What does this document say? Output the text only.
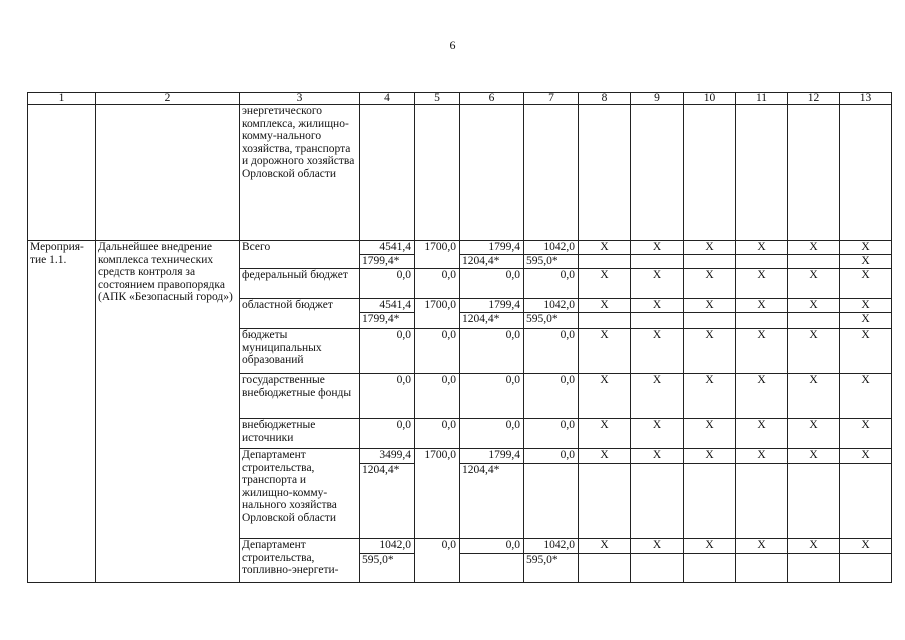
6
1	2	3	4	5	6	7	8	9	10	11	12	13
		энергетического комплекса, жилищно-комму-нального хозяйства, транспорта и дорожного хозяйства Орловской области										
Мероприя-тие 1.1.	Дальнейшее внедрение комплекса технических средств контроля за состоянием правопорядка (АПК «Безопасный город»)	Всего	4541,4	1700,0	1799,4	1042,0	X	X	X	X	X	X
			1799,4*		1204,4*	595,0*						X
		федеральный бюджет	0,0	0,0	0,0	0,0	X	X	X	X	X	X
		областной бюджет	4541,4	1700,0	1799,4	1042,0	X	X	X	X	X	X
			1799,4*		1204,4*	595,0*						X
		бюджеты муниципальных образований	0,0	0,0	0,0	0,0	X	X	X	X	X	X
		государственные внебюджетные фонды	0,0	0,0	0,0	0,0	X	X	X	X	X	X
		внебюджетные источники	0,0	0,0	0,0	0,0	X	X	X	X	X	X
		Департамент строительства, транспорта и жилищно-комму-нального хозяйства Орловской области	3499,4	1700,0	1799,4	0,0	X	X	X	X	X	X
			1204,4*		1204,4*							
		Департамент строительства, топливно-энергети-	1042,0	0,0	0,0	1042,0	X	X	X	X	X	X
			595,0*			595,0*						
